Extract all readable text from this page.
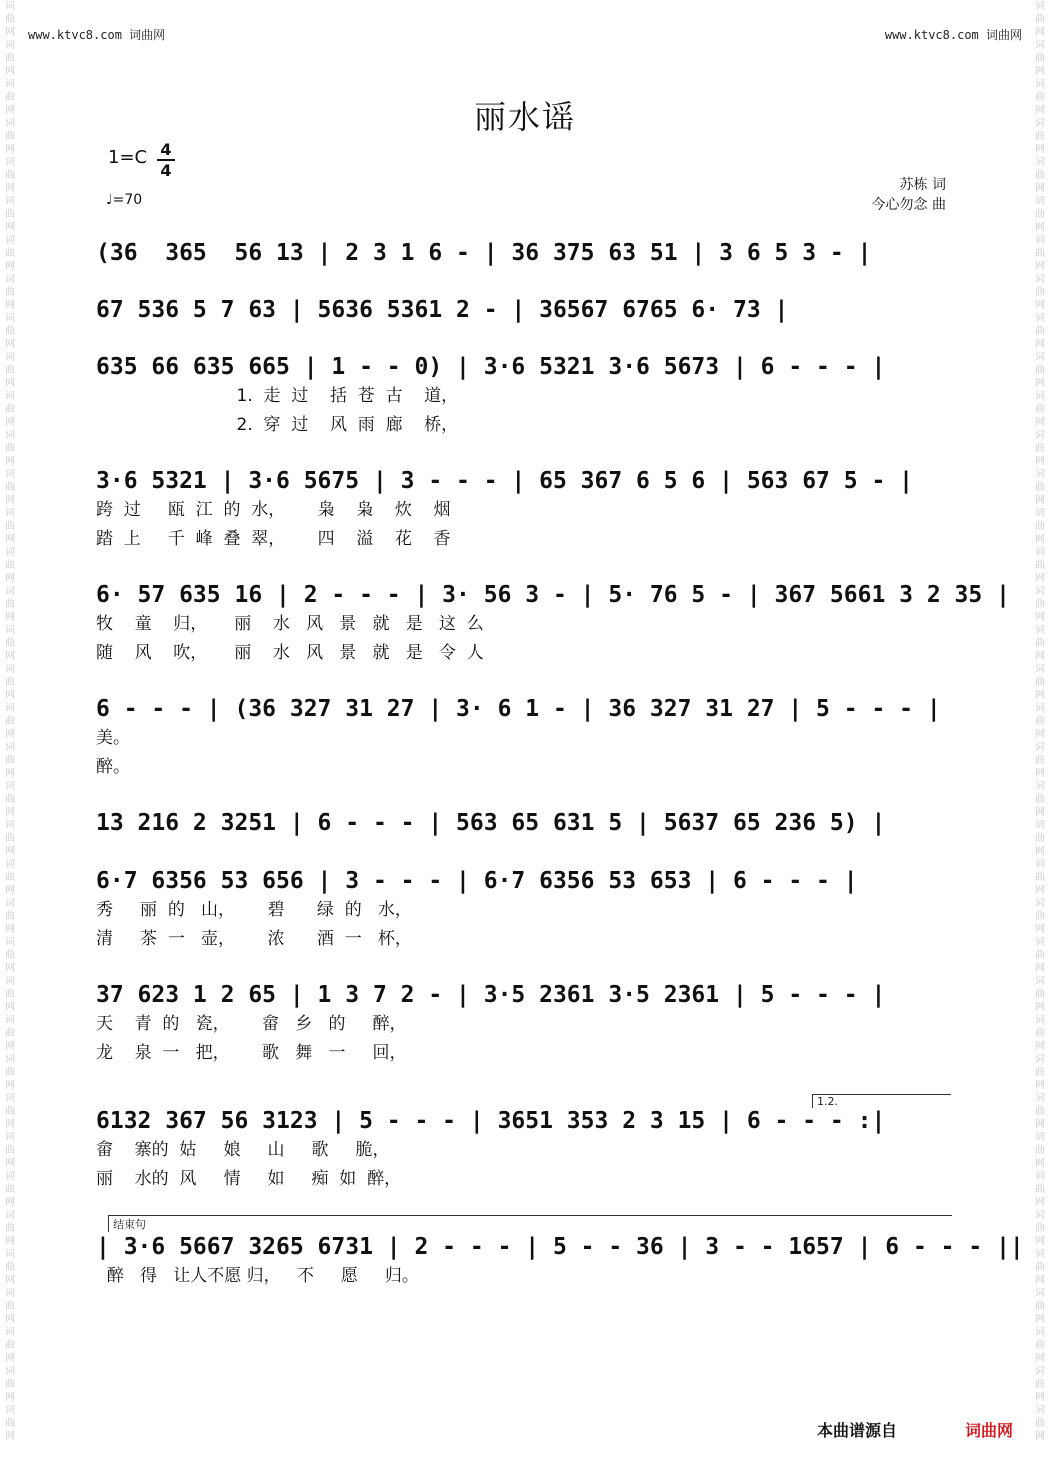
词
曲
网
词
曲
网
词
曲
网
词
曲
网
词
曲
网
词
曲
网
词
曲
网
词
曲
网
词
曲
网
词
曲
网
词
曲
网
词
曲
网
词
曲
网
词
曲
网
词
曲
网
词
曲
网
词
曲
网
词
曲
网
词
曲
网
词
曲
网
词
曲
网
词
曲
网
词
曲
网
词
曲
网
词
曲
网
词
曲
网
词
曲
网
词
曲
网
词
曲
网
词
曲
网
词
曲
网
词
曲
网
词
曲
网
词
曲
网
词
曲
网
词
曲
网
词
曲
网
词
曲
网
词
曲
网
词
曲
网
词
曲
网
词
曲
网
词
曲
网
词
曲
网
词
曲
网
词
曲
网
词
曲
网
词
曲
网
词
曲
网
词
曲
网
词
曲
网
词
曲
网
词
曲
网
词
曲
网
词
曲
网
词
曲
网
词
曲
网
词
曲
网
词
曲
网
词
曲
网
词
曲
网
词
曲
网
词
曲
网
词
曲
网
词
曲
网
词
曲
网
词
曲
网
词
曲
网
词
曲
网
词
曲
网
词
曲
网
词
曲
网
词
曲
网
词
曲
网
www.ktvc8.com 词曲网	www.ktvc8.com 词曲网
丽水谣
1=C 4
4
♩=70
苏栋 词
今心勿念 曲
(36  365  56 13 | 2 3 1 6 - | 36 375 63 51 | 3 6 5 3 - |
67 536 5 7 63 | 5636 5361 2 - | 36567 6765 6· 73 |
635 66 635 665 | 1 - - 0) | 3·6 5321 3·6 5673 | 6 - - - |
1.  走  过    括  苍  古    道，
2.  穿  过    风  雨  廊    桥，
3·6 5321 | 3·6 5675 | 3 - - - | 65 367 6 5 6 | 563 67 5 - |
跨  过     瓯  江  的  水，      枭    枭    炊    烟
踏  上     千  峰  叠  翠，      四    溢    花    香
6· 57 635 16 | 2 - - - | 3· 56 3 - | 5· 76 5 - | 367 5661 3 2 35 |
牧    童    归，     丽    水   风   景   就   是   这  么
随    风    吹，     丽    水   风   景   就   是   令  人
6 - - - | (36 327 31 27 | 3· 6 1 - | 36 327 31 27 | 5 - - - |
美。
醉。
13 216 2 3251 | 6 - - - | 563 65 631 5 | 5637 65 236 5) |
6·7 6356 53 656 | 3 - - - | 6·7 6356 53 653 | 6 - - - |
秀     丽  的   山，      碧      绿  的   水，
清     茶  一   壶，      浓      酒  一   杯，
37 623 1 2 65 | 1 3 7 2 - | 3·5 2361 3·5 2361 | 5 - - - |
天    青  的   瓷，      畲   乡   的     醉，
龙    泉  一   把，      歌   舞   一     回，
6132 367 56 3123 | 5 - - - | 3651 353 2 3 15 | 6 - - - :|
畲    寨的  姑     娘     山     歌     脆，
丽    水的  风     情     如     痴  如  醉，
| 3·6 5667 3265 6731 | 2 - - - | 5 - - 36 | 3 - - 1657 | 6 - - - ||
醉   得   让人不愿 归，   不     愿     归。
1.2.
结束句
本曲谱源自	词曲网
